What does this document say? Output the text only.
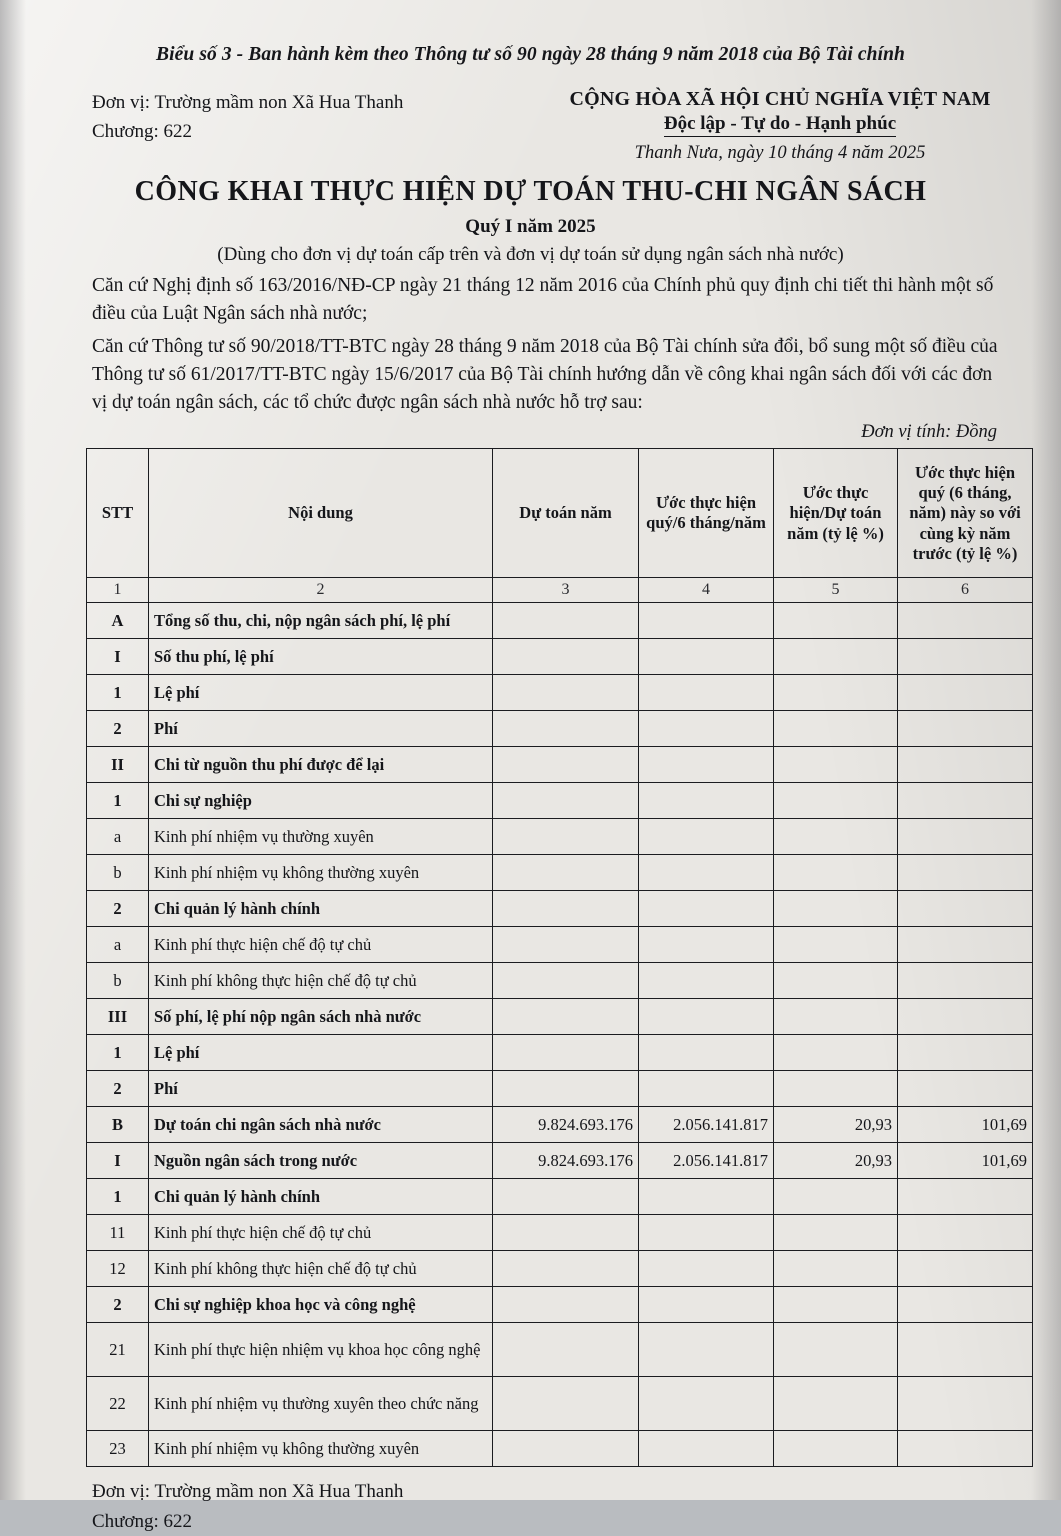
Biểu số 3 - Ban hành kèm theo Thông tư số 90 ngày 28 tháng 9 năm 2018 của Bộ Tài chính
Đơn vị: Trường mầm non Xã Hua Thanh
Chương: 622
CỘNG HÒA XÃ HỘI CHỦ NGHĨA VIỆT NAM
Độc lập - Tự do - Hạnh phúc
Thanh Nưa, ngày 10 tháng 4 năm 2025
CÔNG KHAI THỰC HIỆN DỰ TOÁN THU-CHI NGÂN SÁCH
Quý I năm 2025
(Dùng cho đơn vị dự toán cấp trên và đơn vị dự toán sử dụng ngân sách nhà nước)
Căn cứ Nghị định số 163/2016/NĐ-CP ngày 21 tháng 12 năm 2016 của Chính phủ quy định chi tiết thi hành một số điều của Luật Ngân sách nhà nước;
Căn cứ Thông tư số 90/2018/TT-BTC ngày 28 tháng 9 năm 2018 của Bộ Tài chính sửa đổi, bổ sung một số điều của Thông tư số 61/2017/TT-BTC ngày 15/6/2017 của Bộ Tài chính hướng dẫn về công khai ngân sách đối với các đơn vị dự toán ngân sách, các tổ chức được ngân sách nhà nước hỗ trợ sau:
Đơn vị tính: Đồng
STT	Nội dung	Dự toán năm	Ước thực hiện quý/6 tháng/năm	Ước thực hiện/Dự toán năm (tỷ lệ %)	Ước thực hiện quý (6 tháng, năm) này so với cùng kỳ năm trước (tỷ lệ %)
1	2	3	4	5	6
A	Tổng số thu, chi, nộp ngân sách phí, lệ phí				
I	Số thu phí, lệ phí				
1	Lệ phí				
2	Phí				
II	Chi từ nguồn thu phí được để lại				
1	Chi sự nghiệp				
a	Kinh phí nhiệm vụ thường xuyên				
b	Kinh phí nhiệm vụ không thường xuyên				
2	Chi quản lý hành chính				
a	Kinh phí thực hiện chế độ tự chủ				
b	Kinh phí không thực hiện chế độ tự chủ				
III	Số phí, lệ phí nộp ngân sách nhà nước				
1	Lệ phí				
2	Phí				
B	Dự toán chi ngân sách nhà nước	9.824.693.176	2.056.141.817	20,93	101,69
I	Nguồn ngân sách trong nước	9.824.693.176	2.056.141.817	20,93	101,69
1	Chi quản lý hành chính				
11	Kinh phí thực hiện chế độ tự chủ				
12	Kinh phí không thực hiện chế độ tự chủ				
2	Chi sự nghiệp khoa học và công nghệ				
21	Kinh phí thực hiện nhiệm vụ khoa học công nghệ				
22	Kinh phí nhiệm vụ thường xuyên theo chức năng				
23	Kinh phí nhiệm vụ không thường xuyên				
Đơn vị: Trường mầm non Xã Hua Thanh
Chương: 622
